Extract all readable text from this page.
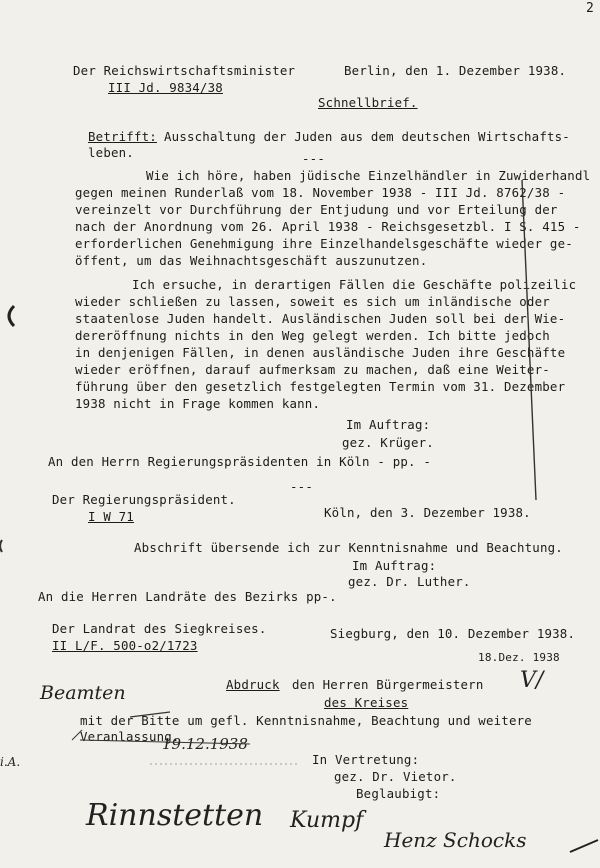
2
Der Reichswirtschaftsminister	Berlin, den 1. Dezember 1938.
III Jd. 9834/38
Schnellbrief.
Betrifft: Ausschaltung der Juden aus dem deutschen Wirtschafts-
leben.	---
Wie ich höre, haben jüdische Einzelhändler in Zuwiderhandl
gegen meinen Runderlaß vom 18. November 1938 - III Jd. 8762/38 -
vereinzelt vor Durchführung der Entjudung und vor Erteilung der
nach der Anordnung vom 26. April 1938 - Reichsgesetzbl. I S. 415 -
erforderlichen Genehmigung ihre Einzelhandelsgeschäfte wieder ge-
öffent, um das Weihnachtsgeschäft auszunutzen.
Ich ersuche, in derartigen Fällen die Geschäfte polizeilic
wieder schließen zu lassen, soweit es sich um inländische oder
staatenlose Juden handelt. Ausländischen Juden soll bei der Wie-
dereröffnung nichts in den Weg gelegt werden. Ich bitte jedoch
in denjenigen Fällen, in denen ausländische Juden ihre Geschäfte
wieder eröffnen, darauf aufmerksam zu machen, daß eine Weiter-
führung über den gesetzlich festgelegten Termin vom 31. Dezember
1938 nicht in Frage kommen kann.
Im Auftrag:
gez. Krüger.
An den Herrn Regierungspräsidenten in Köln - pp. -
---
Der Regierungspräsident.
I W 71	Köln, den 3. Dezember 1938.
Abschrift übersende ich zur Kenntnisnahme und Beachtung.
Im Auftrag:
gez. Dr. Luther.
An die Herren Landräte des Bezirks pp-.
Der Landrat des Siegkreises.
II L/F. 500-o2/1723
Siegburg, den 10. Dezember 1938.
18.Dez. 1938
Abdruck den Herren Bürgermeistern
des Kreises
mit der Bitte um gefl. Kenntnisnahme, Beachtung und weitere
Veranlassung.
In Vertretung:
gez. Dr. Vietor.
Beglaubigt:
Beamten
19.12.1938
i.A.
V/
Rinnstetten Kumpf
Henz Schocks
